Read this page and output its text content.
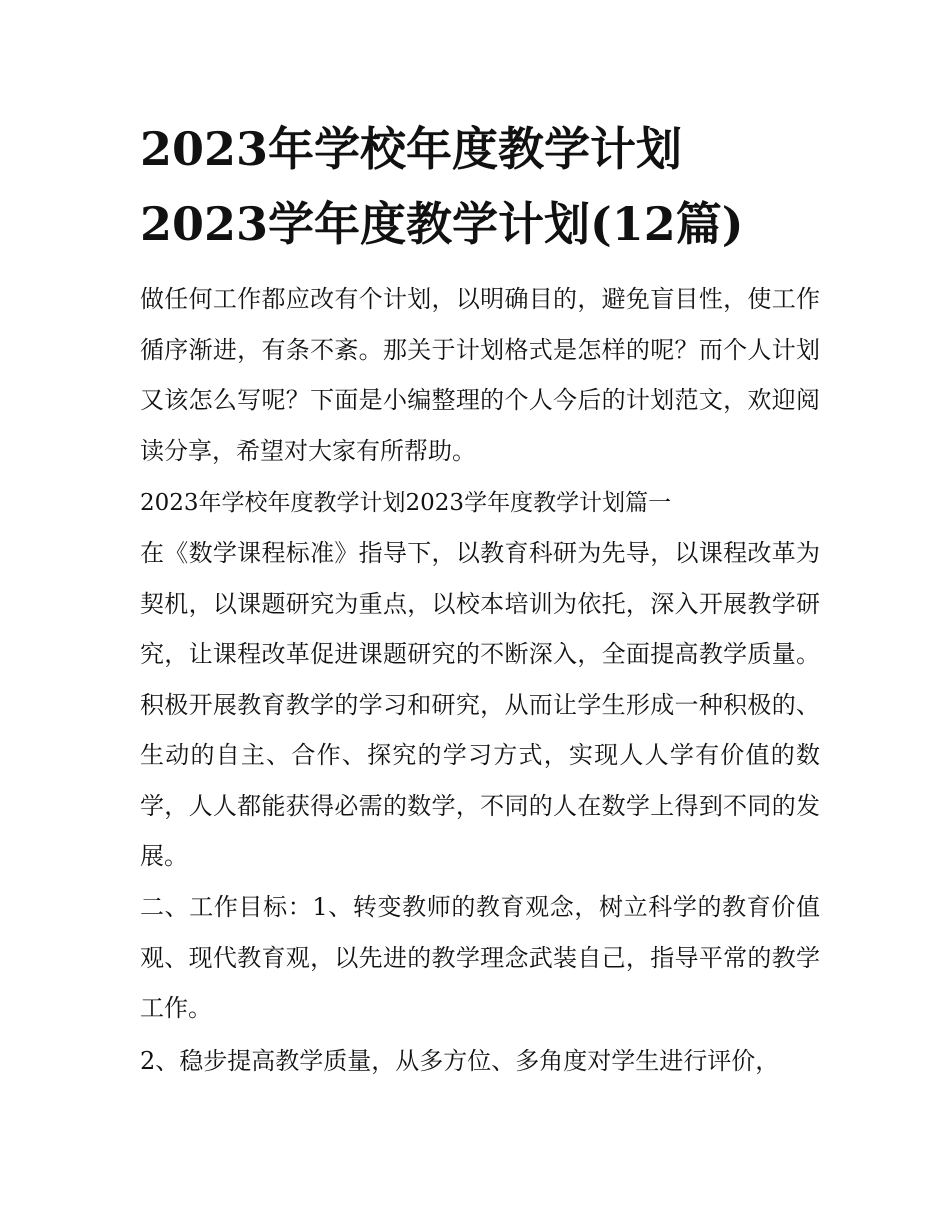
2023年学校年度教学计划
2023学年度教学计划(12篇)

做任何工作都应改有个计划，以明确目的，避免盲目性，使工作循序渐进，有条不紊。那关于计划格式是怎样的呢？而个人计划又该怎么写呢？下面是小编整理的个人今后的计划范文，欢迎阅读分享，希望对大家有所帮助。

2023年学校年度教学计划2023学年度教学计划篇一

在《数学课程标准》指导下，以教育科研为先导，以课程改革为契机，以课题研究为重点，以校本培训为依托，深入开展教学研究，让课程改革促进课题研究的不断深入，全面提高教学质量。积极开展教育教学的学习和研究，从而让学生形成一种积极的、生动的自主、合作、探究的学习方式，实现人人学有价值的数学，人人都能获得必需的数学，不同的人在数学上得到不同的发展。

二、工作目标：1、转变教师的教育观念，树立科学的教育价值观、现代教育观，以先进的教学理念武装自己，指导平常的教学工作。

2、稳步提高教学质量，从多方位、多角度对学生进行评价，
